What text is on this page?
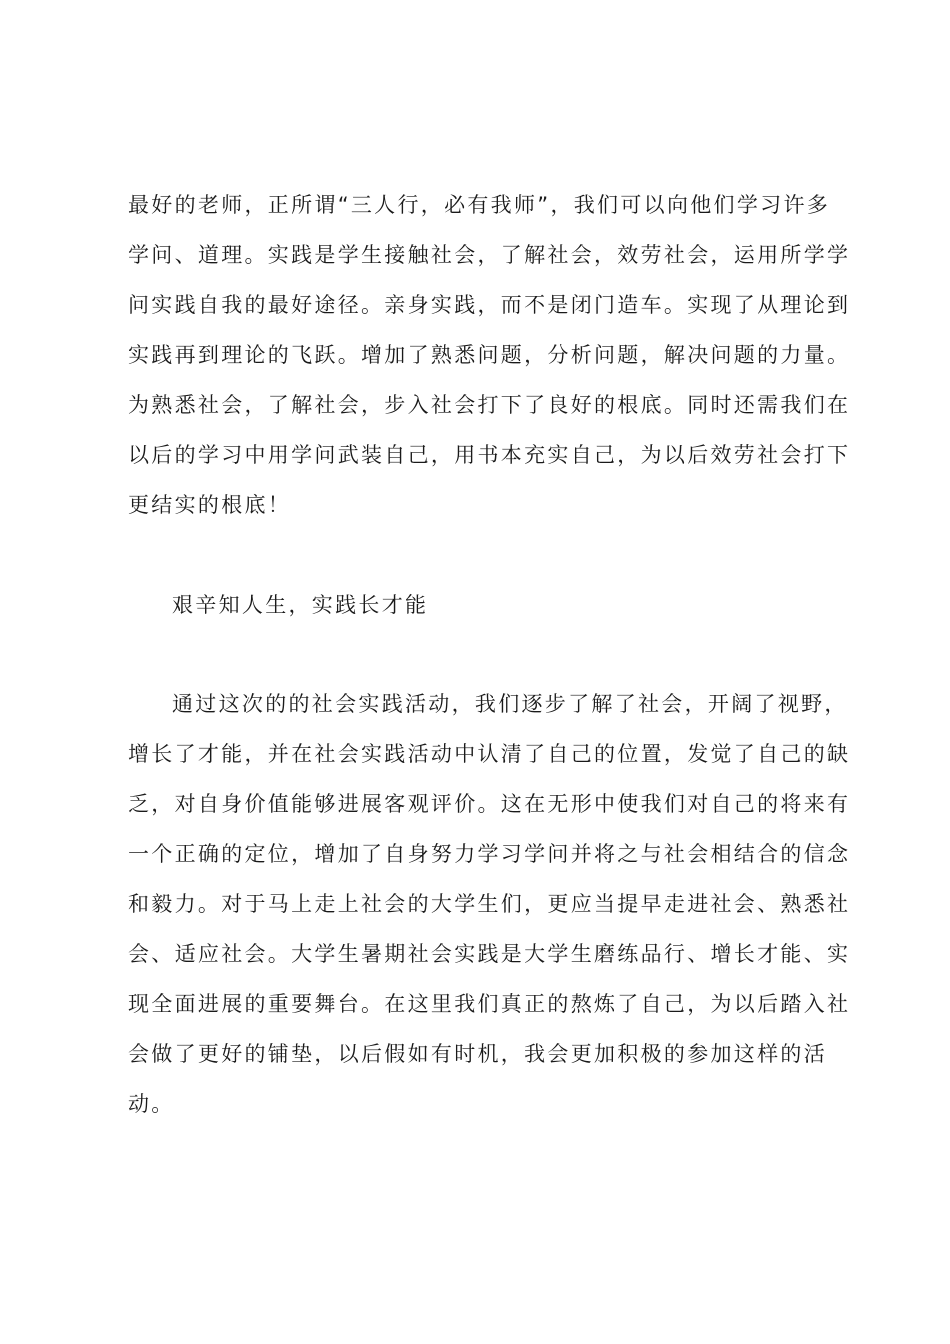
最好的老师，正所谓“三人行，必有我师”，我们可以向他们学习许多
学问、道理。实践是学生接触社会，了解社会，效劳社会，运用所学学
问实践自我的最好途径。亲身实践，而不是闭门造车。实现了从理论到
实践再到理论的飞跃。增加了熟悉问题，分析问题，解决问题的力量。
为熟悉社会，了解社会，步入社会打下了良好的根底。同时还需我们在
以后的学习中用学问武装自己，用书本充实自己，为以后效劳社会打下
更结实的根底！
艰辛知人生，实践长才能
通过这次的的社会实践活动，我们逐步了解了社会，开阔了视野，
增长了才能，并在社会实践活动中认清了自己的位置，发觉了自己的缺
乏，对自身价值能够进展客观评价。这在无形中使我们对自己的将来有
一个正确的定位，增加了自身努力学习学问并将之与社会相结合的信念
和毅力。对于马上走上社会的大学生们，更应当提早走进社会、熟悉社
会、适应社会。大学生暑期社会实践是大学生磨练品行、增长才能、实
现全面进展的重要舞台。在这里我们真正的熬炼了自己，为以后踏入社
会做了更好的铺垫，以后假如有时机，我会更加积极的参加这样的活
动。
